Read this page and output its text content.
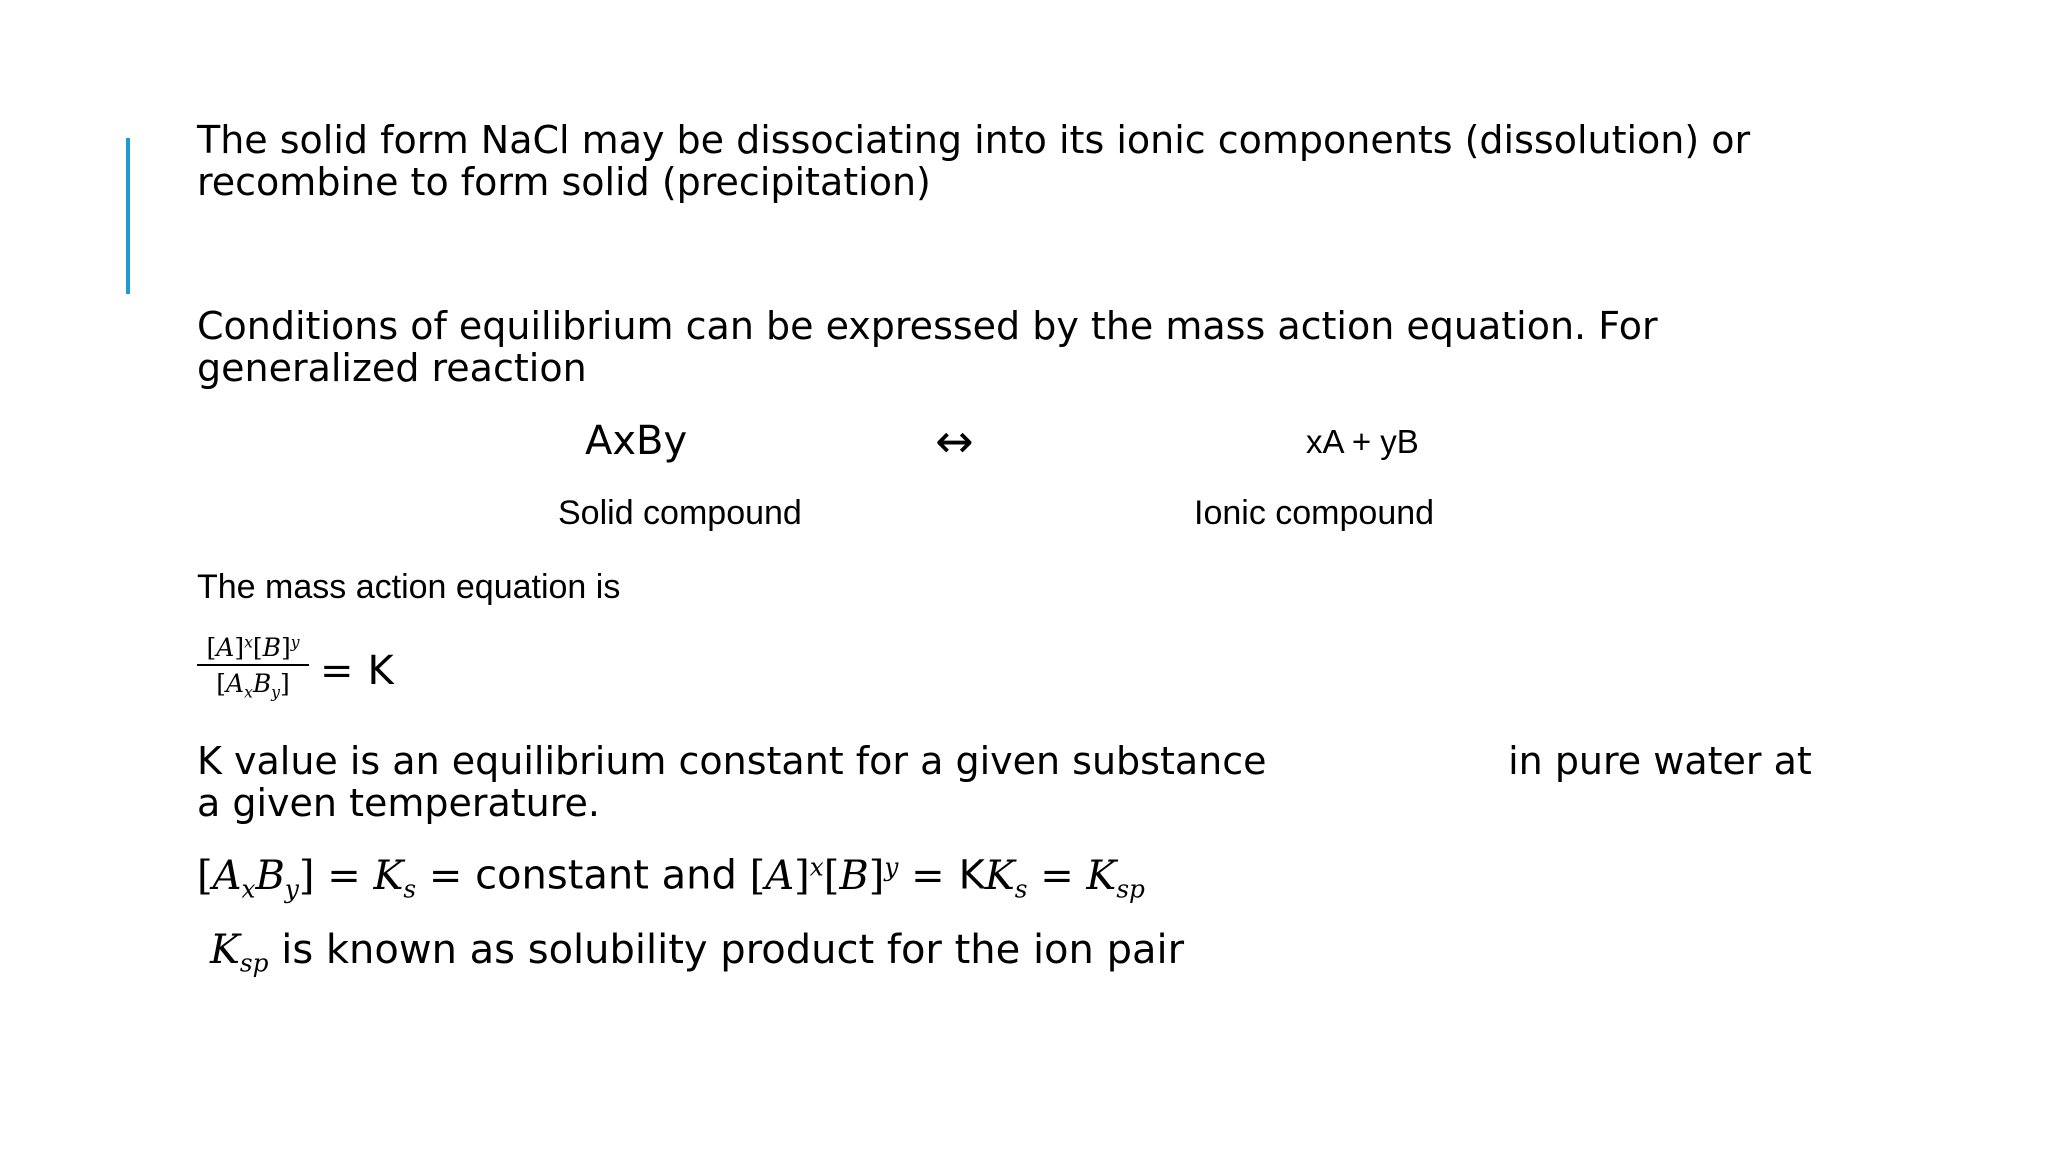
The solid form NaCl may be dissociating into its ionic components (dissolution) or recombine to form solid (precipitation)
Conditions of equilibrium can be expressed by the mass action equation. For generalized reaction
AxBy	↔	xA + yB
Solid compound	Ionic compound
The mass action equation is
$[A]^x[B]^y$
$[A_xB_y] = K$
K value is an equilibrium constant for a given substance                    in pure water at a given temperature.
$[A_xB_y] = K_s$ = constant and $[A]^x[B]^y = KK_s = K_{sp}$
$K_{sp}$ is known as solubility product for the ion pair
